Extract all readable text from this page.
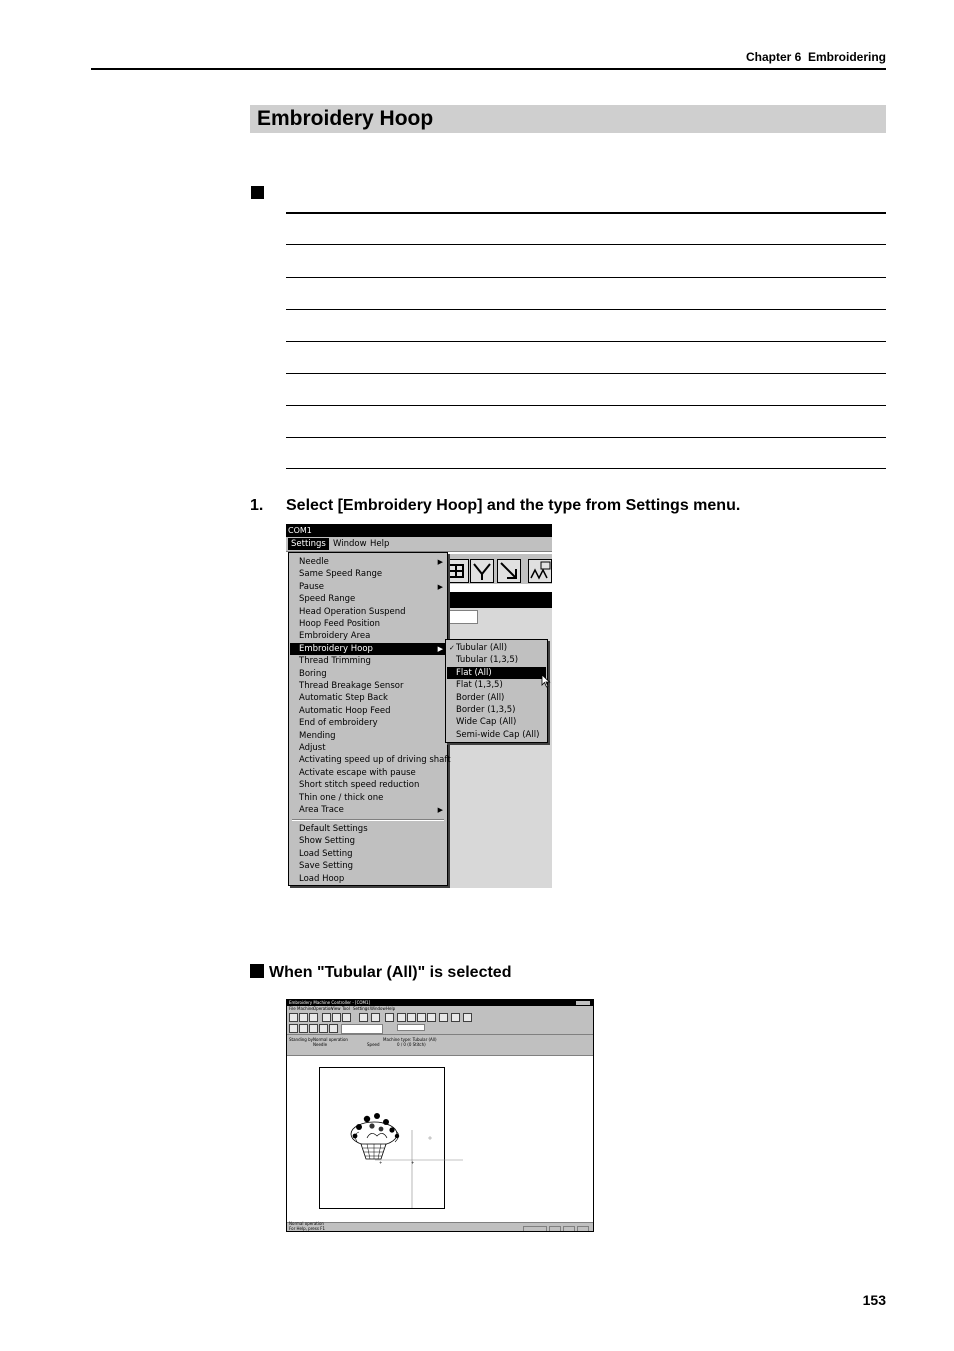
Chapter 6  Embroidering
Embroidery Hoop
1. Select [Embroidery Hoop] and the type from Settings menu.
COM1
Settings Window Help
Needle	▶
Same Speed Range
Pause	▶
Speed Range
Head Operation Suspend
Hoop Feed Position
Embroidery Area
Embroidery Hoop	▶
Thread Trimming
Boring
Thread Breakage Sensor
Automatic Step Back
Automatic Hoop Feed
End of embroidery
Mending
Adjust
Activating speed up of driving shaft
Activate escape with pause
Short stitch speed reduction
Thin one / thick one
Area Trace	▶
Default Settings
Show Setting
Load Setting
Save Setting
Load Hoop
✓ Tubular (All)
Tubular (1,3,5)
Flat (All)
Flat (1,3,5)
Border (All)
Border (1,3,5)
Wide Cap (All)
Semi-wide Cap (All)
When "Tubular (All)" is selected
Embroidery Machine Controller - [COM1]
File Machine Operation
View Tool Settings Window Help
Standing by Normal operation
Needle	Speed
Machine type: Tubular (All)
0 / 0 (0 Stitch)
+	+
Normal operation
For Help, press F1
153
